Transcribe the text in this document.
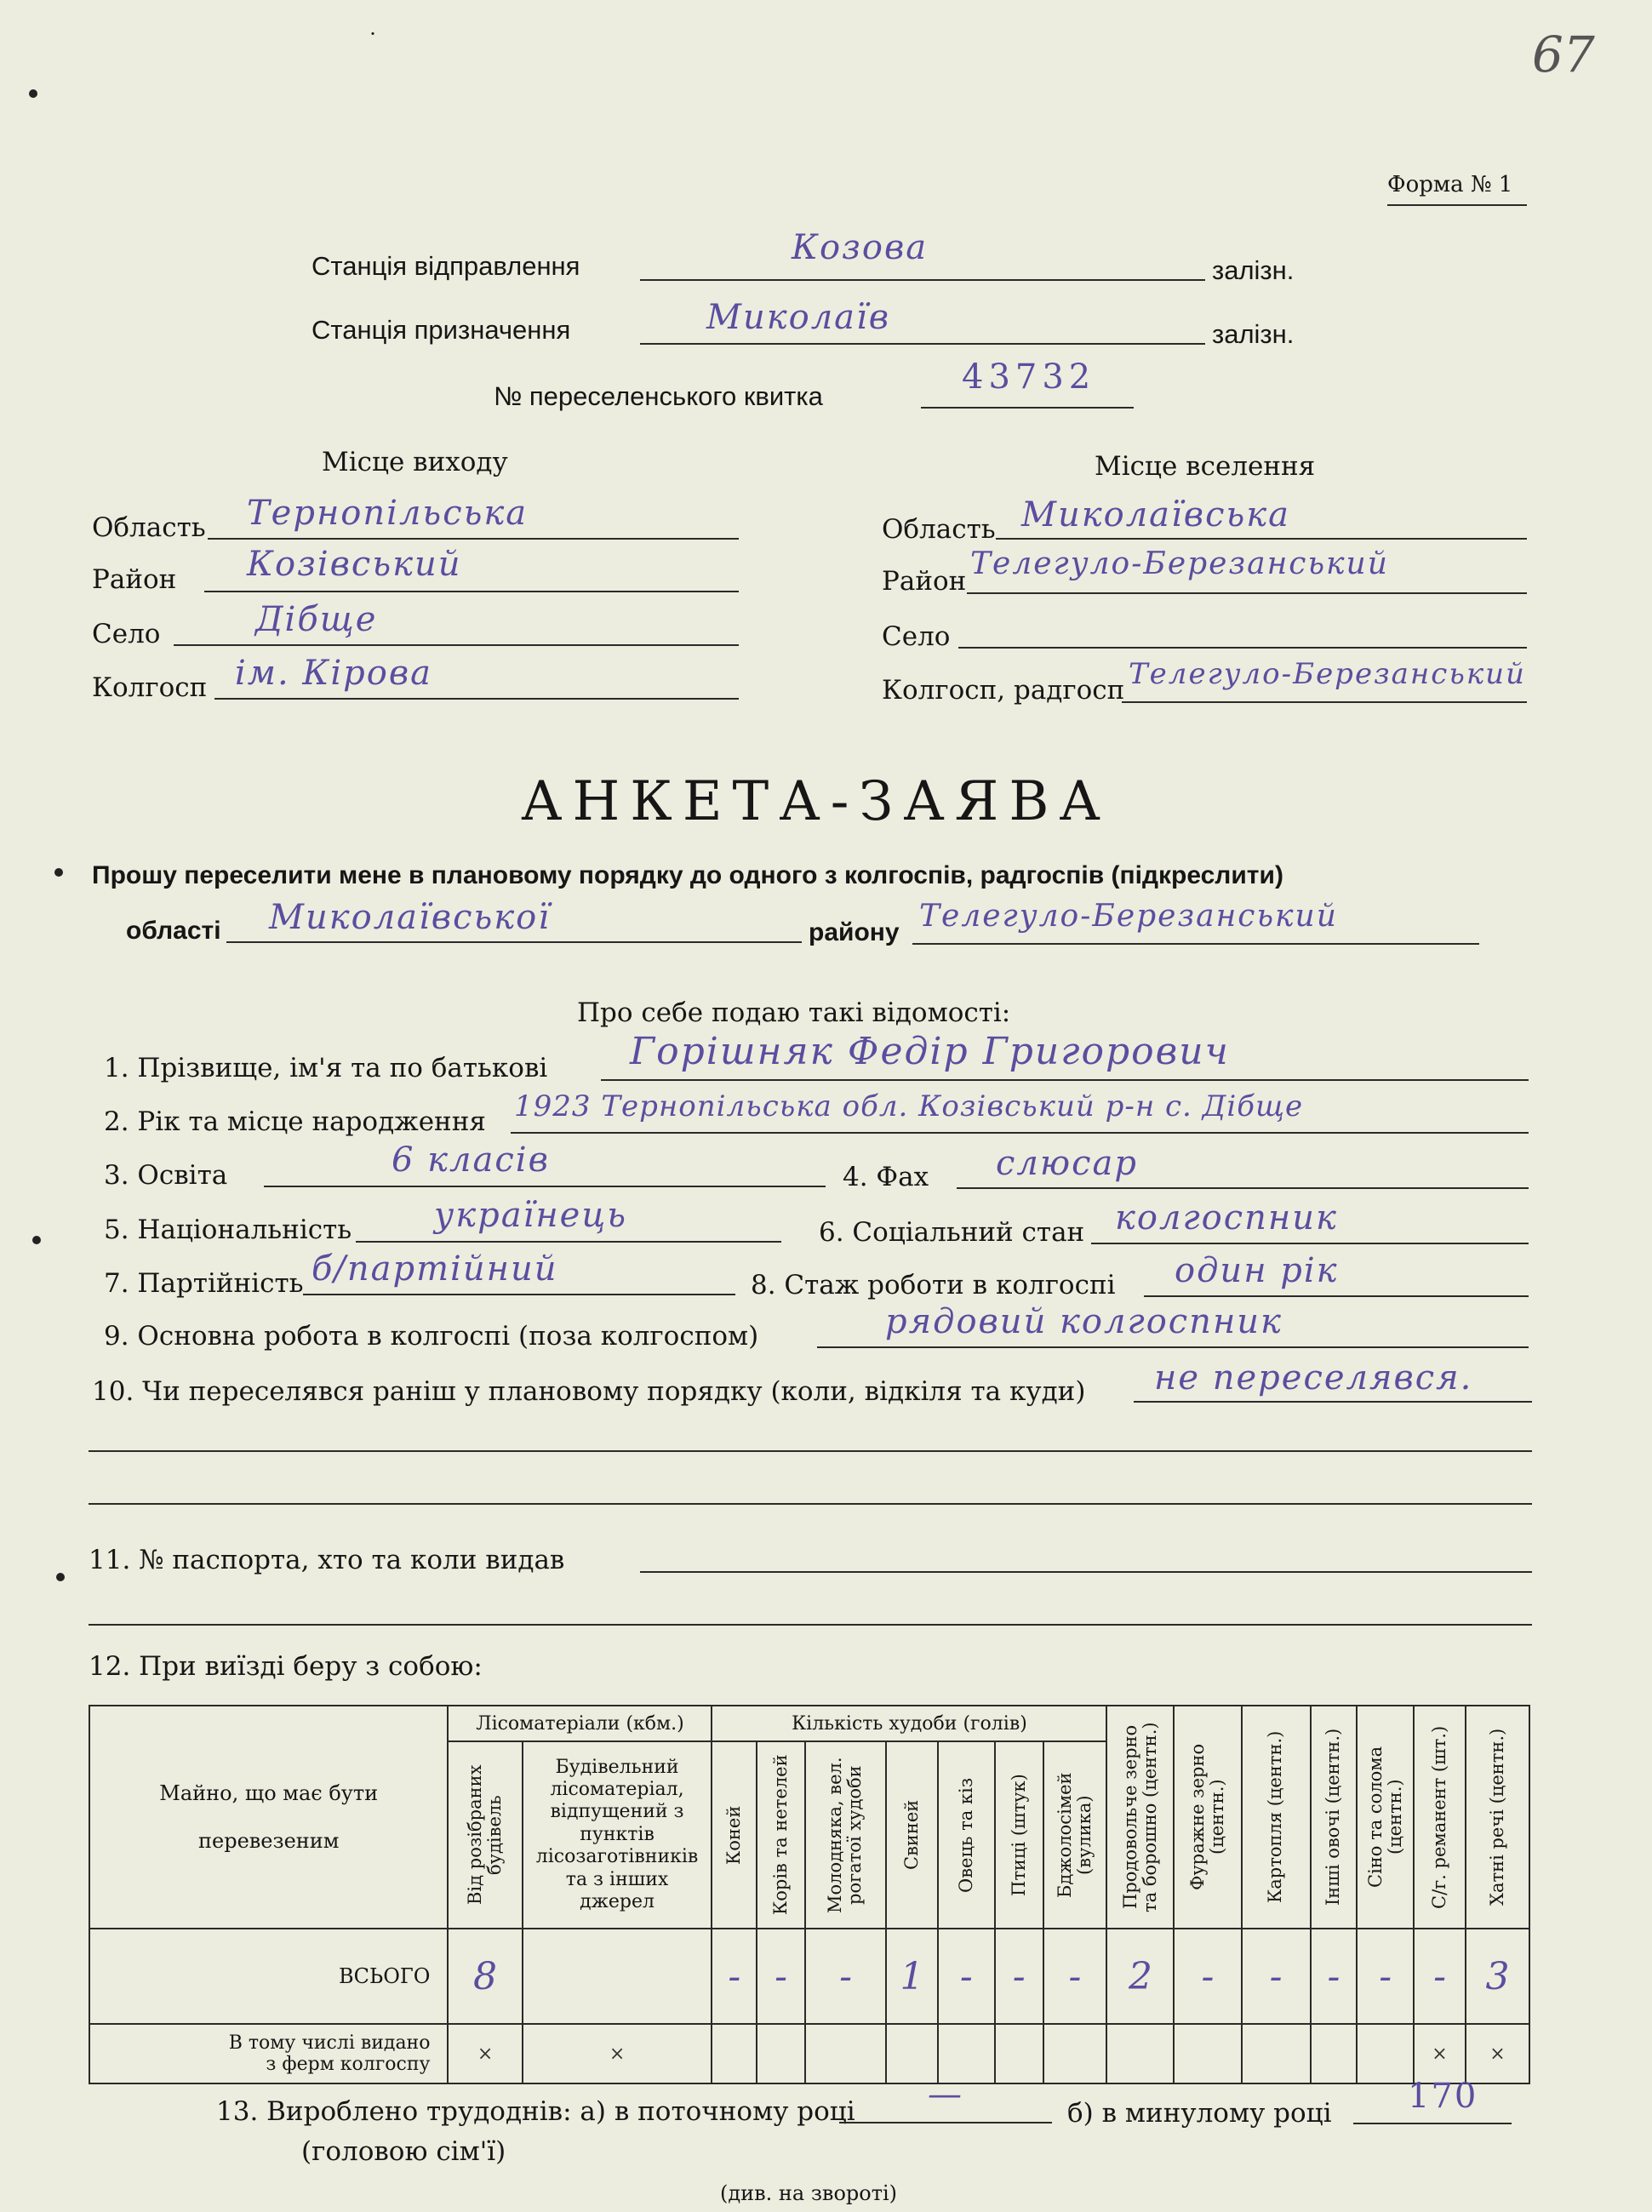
67
Форма № 1
Станція відправлення	Козова
залізн.
Станція призначення	Миколаїв	залізн.
№ переселенського квитка	43732
Місце виходу	Місце вселення
Область Тернопільська
Район Козівський
Село	Дібще
Колгосп ім. Кірова
Область Миколаївська
Район Тeлегуло-Березанський
Село
Колгосп, радгосп Тeлегуло-Березанський
АНКЕТА-ЗАЯВА
Прошу переселити мене в плановому порядку до одного з колгоспів, радгоспів (підкреслити)
області Миколаївської	району Тeлегуло-Березанський
Про себе подаю такі відомості:
1. Прізвище, ім'я та по батькові Горішняк Федір Григорович
2. Рік та місце народження 1923 Тернопільська обл. Козівський р-н с. Дібще
3. Освіта	6 класів	4. Фах слюсар
5. Національність українець	6. Соціальний стан колгоспник
7. Партійність б/партійний	8. Стаж роботи в колгоспі один рік
9. Основна робота в колгоспі (поза колгоспом)	рядовий колгоспник
10. Чи переселявся раніш у плановому порядку (коли, відкіля та куди) не переселявся.
11. № паспорта, хто та коли видав
12. При виїзді беру з собою:
Майно, що має бути перевезеним	Лісоматеріали (кбм.)		Кількість худоби (голів)							Продовольче зерно та борошно (центн.)	Фуражне зерно (центн.)	Картопля (центн.)	Інші овочі (центн.)	Сіно та солома (центн.)	С/г. реманент (шт.)	Хатні речі (центн.)

	Від розібраних будівель	Будівельний лісоматеріал, відпущений з пунктів лісозаготівників та з інших джерел	Коней	Корів та нетелей	Молодняка, вел. рогатої худоби	Свиней	Овець та кіз	Птиці (штук)	Бджолосімей (вулика)							

ВСЬОГО	8		-	-	-	1	-	-	-	2	-	-	-	-	-	3
В тому числі видано з ферм колгоспу	×	×													×	×
13. Вироблено трудоднів: а) в поточному році —	б) в минулому році 170
(головою сім'ї)
(див. на звороті)
